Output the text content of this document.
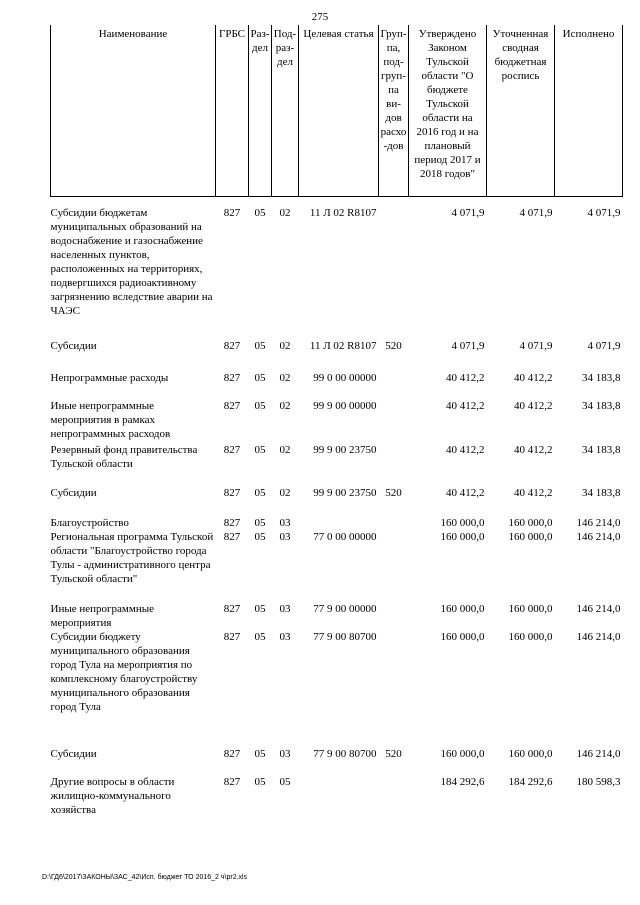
275
Наименование	ГРБС	Раз-дел	Под-раз-дел	Целевая статья	Груп-па, под-груп-па ви-дов расхо-дов	Утверждено Законом Тульской области "О бюджете Тульской области на 2016 год и на плановый период 2017 и 2018 годов"	Уточненная сводная бюджетная роспись	Исполнено
Субсидии бюджетам муниципальных образований на водоснабжение и газоснабжение населенных пунктов, расположенных на территориях, подвергшихся радиоактивному загрязнению вследствие аварии на ЧАЭС	827	05	02	11 Л 02 R8107		4 071,9	4 071,9	4 071,9
Субсидии	827	05	02	11 Л 02 R8107	520	4 071,9	4 071,9	4 071,9
Непрограммные расходы	827	05	02	99 0 00 00000		40 412,2	40 412,2	34 183,8
Иные непрограммные мероприятия в рамках непрограммных расходов	827	05	02	99 9 00 00000		40 412,2	40 412,2	34 183,8
Резервный фонд правительства Тульской области	827	05	02	99 9 00 23750		40 412,2	40 412,2	34 183,8
Субсидии	827	05	02	99 9 00 23750	520	40 412,2	40 412,2	34 183,8
Благоустройство	827	05	03			160 000,0	160 000,0	146 214,0
Региональная программа Тульской области "Благоустройство города Тулы - административного центра Тульской области"	827	05	03	77 0 00 00000		160 000,0	160 000,0	146 214,0
Иные непрограммные мероприятия	827	05	03	77 9 00 00000		160 000,0	160 000,0	146 214,0
Субсидии бюджету муниципального образования город Тула на мероприятия по комплексному благоустройству муниципального образования город Тула	827	05	03	77 9 00 80700		160 000,0	160 000,0	146 214,0
Субсидии	827	05	03	77 9 00 80700	520	160 000,0	160 000,0	146 214,0
Другие вопросы в области жилищно-коммунального хозяйства	827	05	05			184 292,6	184 292,6	180 598,3
D:\ГД6\2017\ЗАКОНЫ\ЗАС_42\Исп. бюджет ТО 2016_2 ч\pr2.xls
